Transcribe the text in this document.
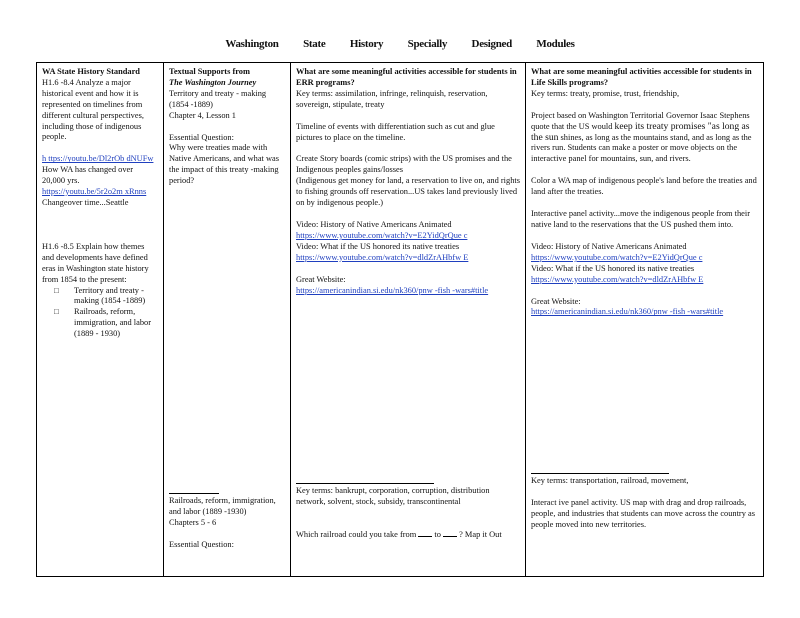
Washington State History Specially Designed Modules

WA State History Standard

H1.6 -8.4 Analyze a major historical event and how it is represented on timelines from different cultural perspectives, including those of indigenous people.

h ttps://youtu.be/Dl2rOb dNUFw

How WA has changed over 20,000 yrs.

https://youtu.be/5r2o2m xRnns

Changeover time...Seattle

H1.6 -8.5 Explain how themes and developments have defined eras in Washington state history from 1854 to the present:

□	Territory and treaty -making (1854 -1889)
□	Railroads, reform, immigration, and labor (1889 - 1930)

Textual Supports from

The Washington Journey

Territory and treaty - making (1854 -1889)

Chapter 4, Lesson 1

Essential Question:

Why were treaties made with Native Americans, and what was the impact of this treaty -making period?

Railroads, reform, immigration, and labor (1889 -1930)

Chapters 5 - 6

Essential Question:

What are some meaningful activities accessible for students in ERR programs?

Key terms: assimilation, infringe, relinquish, reservation, sovereign, stipulate, treaty

Timeline of events with differentiation such as cut and glue pictures to place on the timeline.

Create Story boards (comic strips) with the US promises and the Indigenous peoples gains/losses

(Indigenous get money for land, a reservation to live on, and rights to fishing grounds off reservation...US takes land previously lived on by indigenous people.)

Video: History of Native Americans Animated

https://www.youtube.com/watch?v=E2YidQrQue c

Video: What if the US honored its native treaties

https://www.youtube.com/watch?v=dldZrAHbfw E

Great Website:

https://americanindian.si.edu/nk360/pnw -fish -wars#title

Key terms: bankrupt, corporation, corruption, distribution network, solvent, stock, subsidy, transcontinental

Which railroad could you take from to ? Map it Out

What are some meaningful activities accessible for students in Life Skills programs?

Key terms: treaty, promise, trust, friendship,

Project based on Washington Territorial Governor Isaac Stephens quote that the US would keep its treaty promises "as long as the sun shines, as long as the mountains stand, and as long as the rivers run. Students can make a poster or move objects on the interactive panel for mountains, sun, and rivers.

Color a WA map of indigenous people's land before the treaties and land after the treaties.

Interactive panel activity...move the indigenous people from their native land to the reservations that the US pushed them into.

Video: History of Native Americans Animated

https://www.youtube.com/watch?v=E2YidQrQue c

Video: What if the US honored its native treaties

https://www.youtube.com/watch?v=dldZrAHbfw E

Great Website:

https://americanindian.si.edu/nk360/pnw -fish -wars#title

Key terms: transportation, railroad, movement,

Interact ive panel activity. US map with drag and drop railroads, people, and industries that students can move across the country as people moved into new territories.
